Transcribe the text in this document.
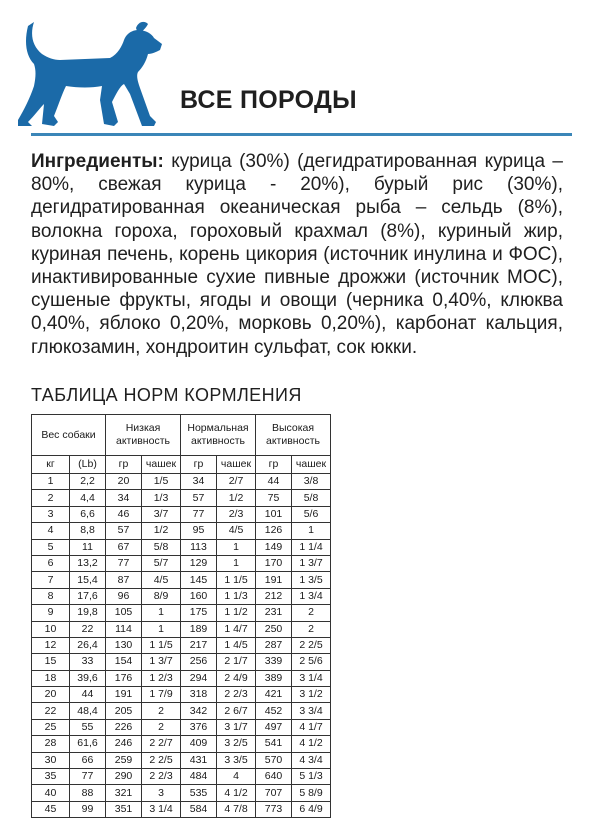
ВСЕ ПОРОДЫ
Ингредиенты: курица (30%) (дегидратированная курица – 80%, свежая курица - 20%), бурый рис (30%), дегидратированная океаническая рыба – сельдь (8%), волокна гороха, гороховый крахмал (8%), куриный жир, куриная печень, корень цикория (источник инулина и ФОС), инактивированные сухие пивные дрожжи (источник МОС), сушеные фрукты, ягоды и овощи (черника 0,40%, клюква 0,40%, яблоко 0,20%, морковь 0,20%), карбонат кальция, глюкозамин, хондроитин сульфат, сок юкки.
ТАБЛИЦА НОРМ КОРМЛЕНИЯ
Вес собаки		Низкая активность		Нормальная активность		Высокая активность	
кг	(Lb)	гр	чашек	гр	чашек	гр	чашек
1	2,2	20	1/5	34	2/7	44	3/8
2	4,4	34	1/3	57	1/2	75	5/8
3	6,6	46	3/7	77	2/3	101	5/6
4	8,8	57	1/2	95	4/5	126	1
5	11	67	5/8	113	1	149	1 1/4
6	13,2	77	5/7	129	1	170	1 3/7
7	15,4	87	4/5	145	1 1/5	191	1 3/5
8	17,6	96	8/9	160	1 1/3	212	1 3/4
9	19,8	105	1	175	1 1/2	231	2
10	22	114	1	189	1 4/7	250	2
12	26,4	130	1 1/5	217	1 4/5	287	2 2/5
15	33	154	1 3/7	256	2 1/7	339	2 5/6
18	39,6	176	1 2/3	294	2 4/9	389	3 1/4
20	44	191	1 7/9	318	2 2/3	421	3 1/2
22	48,4	205	2	342	2 6/7	452	3 3/4
25	55	226	2	376	3 1/7	497	4 1/7
28	61,6	246	2 2/7	409	3 2/5	541	4 1/2
30	66	259	2 2/5	431	3 3/5	570	4 3/4
35	77	290	2 2/3	484	4	640	5 1/3
40	88	321	3	535	4 1/2	707	5 8/9
45	99	351	3 1/4	584	4 7/8	773	6 4/9
